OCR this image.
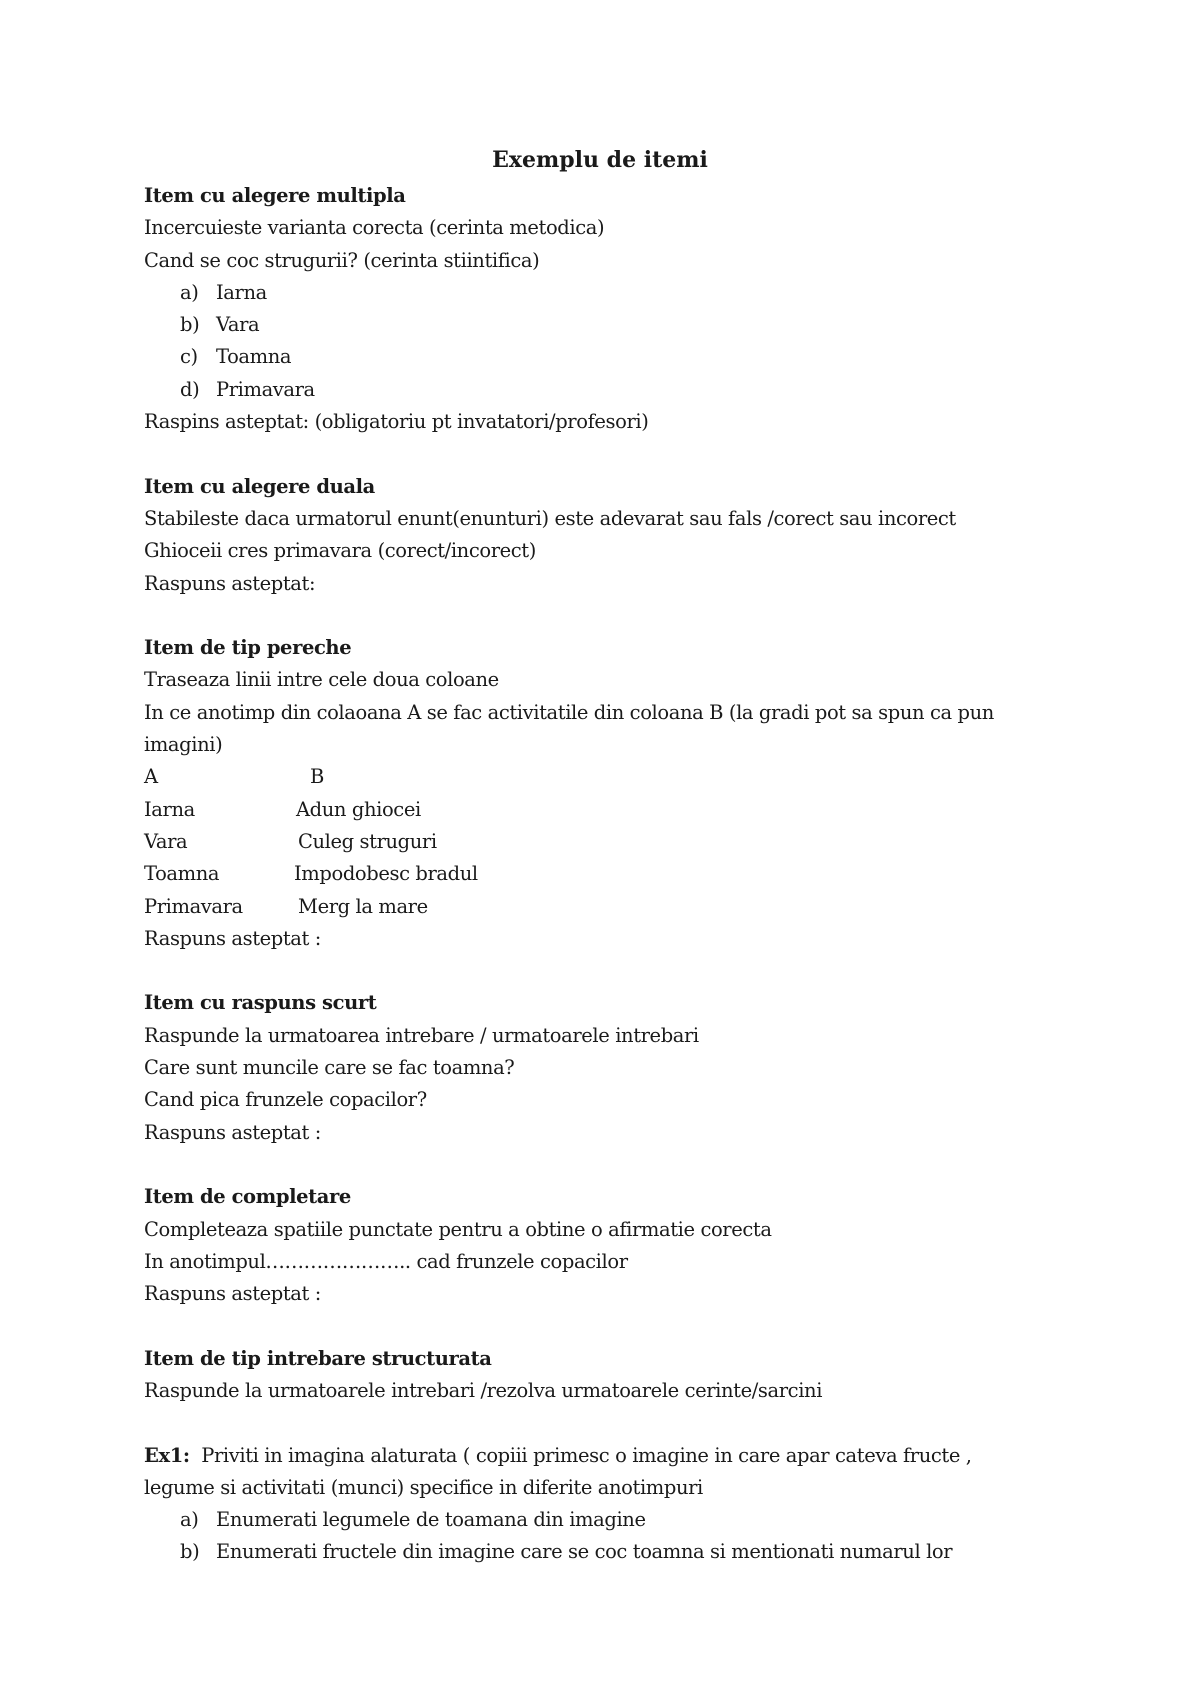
Exemplu de itemi
Item cu alegere multipla
Incercuieste varianta corecta (cerinta metodica)
Cand se coc strugurii? (cerinta stiintifica)
a) Iarna
b) Vara
c) Toamna
d) Primavara
Raspins asteptat: (obligatoriu pt invatatori/profesori)
Item cu alegere duala
Stabileste daca urmatorul enunt(enunturi) este adevarat sau fals /corect sau incorect
Ghioceii cres primavara (corect/incorect)
Raspuns asteptat:
Item de tip pereche
Traseaza linii intre cele doua coloane
In ce anotimp din colaoana A se fac activitatile din coloana B (la gradi pot sa spun ca pun imagini)
A	B
Iarna	Adun ghiocei
Vara	Culeg struguri
Toamna	Impodobesc bradul
Primavara	Merg la mare
Raspuns asteptat :
Item cu raspuns scurt
Raspunde la urmatoarea intrebare / urmatoarele intrebari
Care sunt muncile care se fac toamna?
Cand pica frunzele copacilor?
Raspuns asteptat :
Item de completare
Completeaza spatiile punctate pentru a obtine o afirmatie corecta
In anotimpul………………….. cad frunzele copacilor
Raspuns asteptat :
Item de tip intrebare structurata
Raspunde la urmatoarele intrebari /rezolva urmatoarele cerinte/sarcini
Ex1: Priviti in imagina alaturata ( copiii primesc o imagine in care apar cateva fructe ,
legume si activitati (munci) specifice in diferite anotimpuri
a) Enumerati legumele de toamana din imagine
b) Enumerati fructele din imagine care se coc toamna si mentionati numarul lor
